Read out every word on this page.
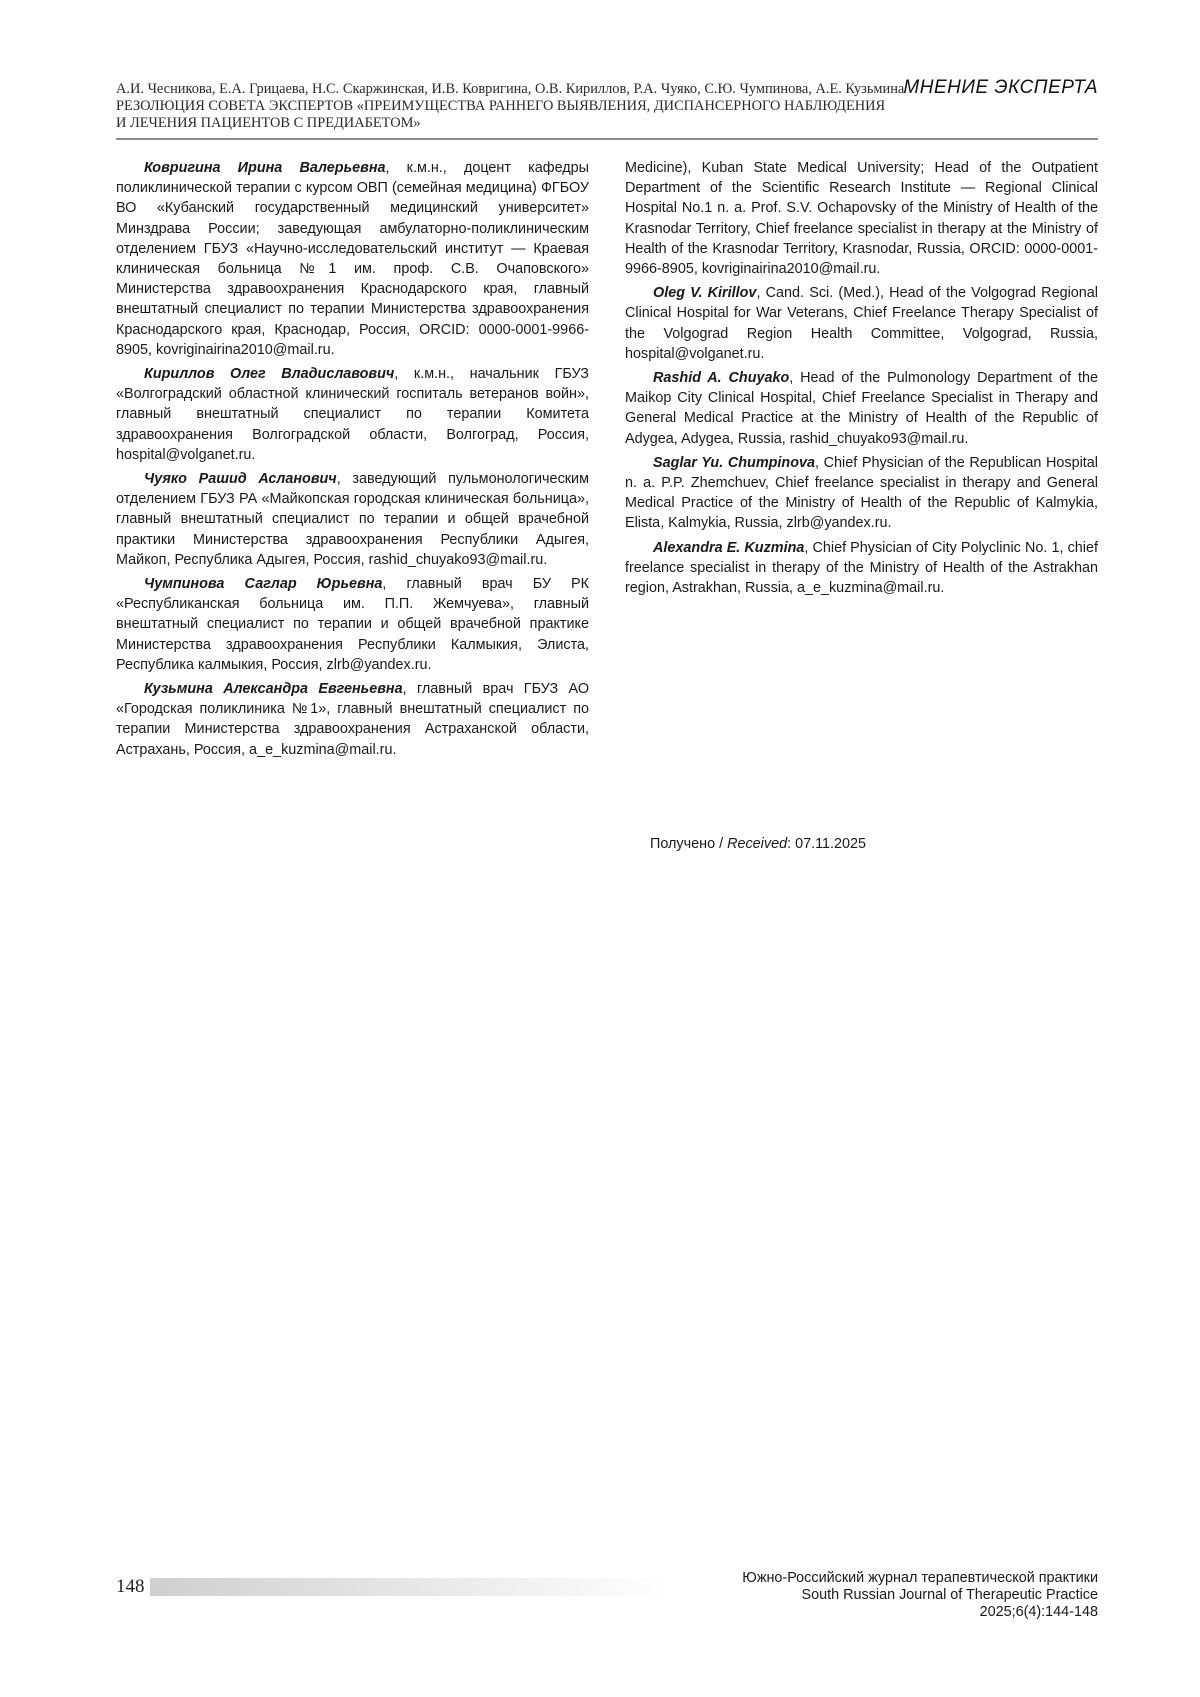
А.И. Чесникова, Е.А. Грицаева, Н.С. Скаржинская, И.В. Ковригина, О.В. Кириллов, Р.А. Чуяко, С.Ю. Чумпинова, А.Е. Кузьмина МНЕНИЕ ЭКСПЕРТА
РЕЗОЛЮЦИЯ СОВЕТА ЭКСПЕРТОВ «ПРЕИМУЩЕСТВА РАННЕГО ВЫЯВЛЕНИЯ, ДИСПАНСЕРНОГО НАБЛЮДЕНИЯ
И ЛЕЧЕНИЯ ПАЦИЕНТОВ С ПРЕДИАБЕТОМ»

Ковригина Ирина Валерьевна, к.м.н., доцент кафедры поликлинической терапии с курсом ОВП (семейная медицина) ФГБОУ ВО «Кубанский государственный медицинский университет» Минздрава России; заведующая амбулаторно-поликлиническим отделением ГБУЗ «Научно-исследовательский институт — Краевая клиническая больница №1 им. проф. С.В. Очаповского» Министерства здравоохранения Краснодарского края, главный внештатный специалист по терапии Министерства здравоохранения Краснодарского края, Краснодар, Россия, ORCID: 0000-0001-9966-8905, kovriginairina2010@mail.ru.

Кириллов Олег Владиславович, к.м.н., начальник ГБУЗ «Волгоградский областной клинический госпиталь ветеранов войн», главный внештатный специалист по терапии Комитета здравоохранения Волгоградской области, Волгоград, Россия, hospital@volganet.ru.

Чуяко Рашид Асланович, заведующий пульмонологическим отделением ГБУЗ РА «Майкопская городская клиническая больница», главный внештатный специалист по терапии и общей врачебной практики Министерства здравоохранения Республики Адыгея, Майкоп, Республика Адыгея, Россия, rashid_chuyako93@mail.ru.

Чумпинова Саглар Юрьевна, главный врач БУ РК «Республиканская больница им. П.П. Жемчуева», главный внештатный специалист по терапии и общей врачебной практике Министерства здравоохранения Республики Калмыкия, Элиста, Республика калмыкия, Россия, zlrb@yandex.ru.

Кузьмина Александра Евгеньевна, главный врач ГБУЗ АО «Городская поликлиника №1», главный внештатный специалист по терапии Министерства здравоохранения Астраханской области, Астрахань, Россия, a_e_kuzmina@mail.ru.

Medicine), Kuban State Medical University; Head of the Outpatient Department of the Scientific Research Institute — Regional Clinical Hospital No.1 n. a. Prof. S.V. Ochapovsky of the Ministry of Health of the Krasnodar Territory, Chief freelance specialist in therapy at the Ministry of Health of the Krasnodar Territory, Krasnodar, Russia, ORCID: 0000-0001-9966-8905, kovriginairina2010@mail.ru.

Oleg V. Kirillov, Cand. Sci. (Med.), Head of the Volgograd Regional Clinical Hospital for War Veterans, Chief Freelance Therapy Specialist of the Volgograd Region Health Committee, Volgograd, Russia, hospital@volganet.ru.

Rashid A. Chuyako, Head of the Pulmonology Department of the Maikop City Clinical Hospital, Chief Freelance Specialist in Therapy and General Medical Practice at the Ministry of Health of the Republic of Adygea, Adygea, Russia, rashid_chuyako93@mail.ru.

Saglar Yu. Chumpinova, Chief Physician of the Republican Hospital n. a. P.P. Zhemchuev, Chief freelance specialist in therapy and General Medical Practice of the Ministry of Health of the Republic of Kalmykia, Elista, Kalmykia, Russia, zlrb@yandex.ru.

Alexandra E. Kuzmina, Chief Physician of City Polyclinic No. 1, chief freelance specialist in therapy of the Ministry of Health of the Astrakhan region, Astrakhan, Russia, a_e_kuzmina@mail.ru.

Получено / Received: 07.11.2025
148	Южно-Российский журнал терапевтической практики
South Russian Journal of Therapeutic Practice
2025;6(4):144-148
